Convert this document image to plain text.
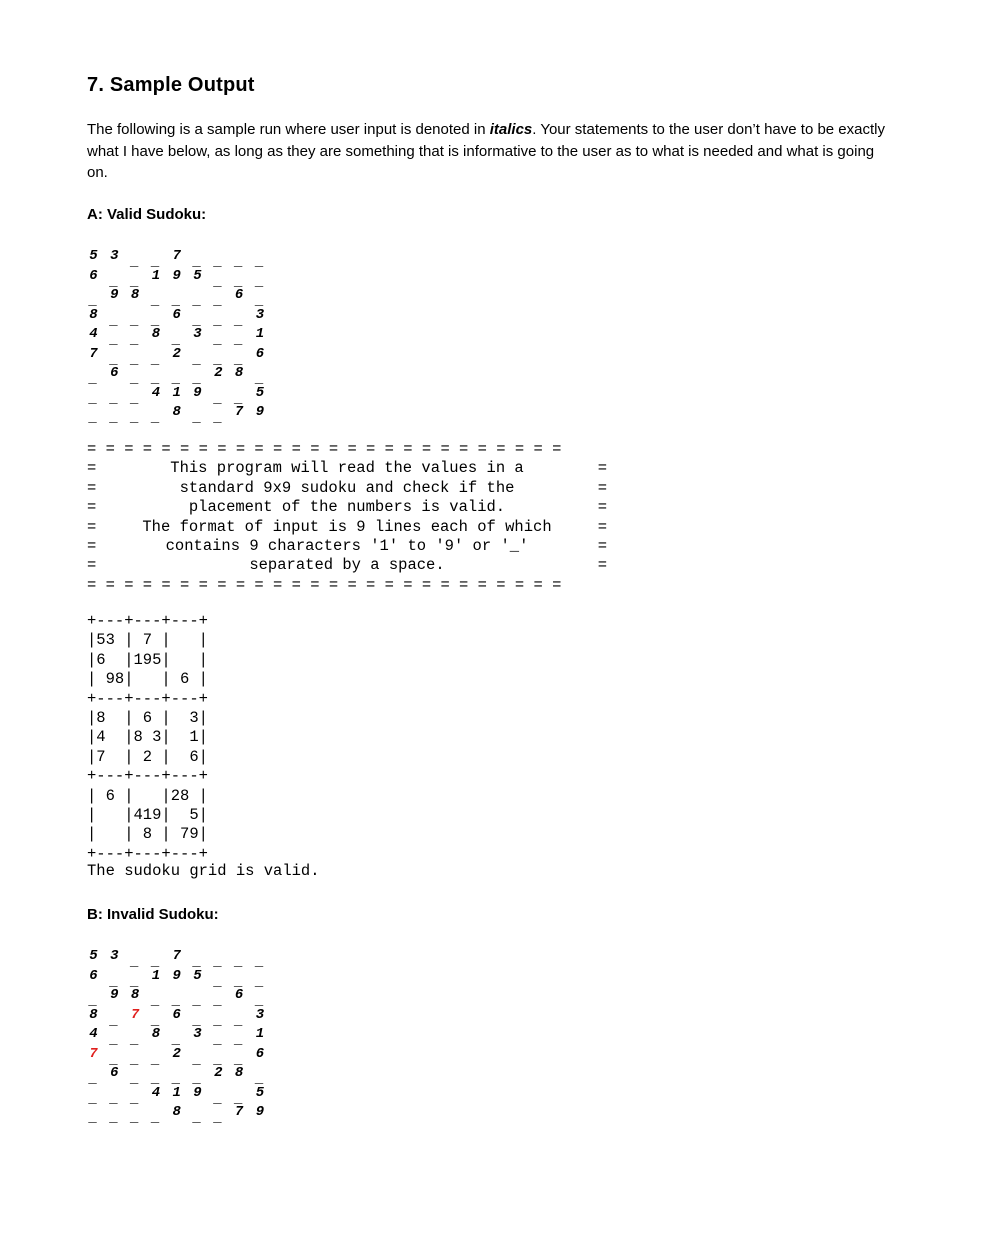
7. Sample Output
The following is a sample run where user input is denoted in italics. Your statements to the user don’t have to be exactly what I have below, as long as they are something that is informative to the user as to what is needed and what is going on.
A: Valid Sudoku:
5 3 _ _ 7 _ _ _ _
6 _ _ 1 9 5 _ _ _
_ 9 8 _ _ _ _ 6 _
8 _ _ _ 6 _ _ _ 3
4 _ _ 8 _ 3 _ _ 1
7 _ _ _ 2 _ _ _ 6
_ 6 _ _ _ _ 2 8 _
_ _ _ 4 1 9 _ _ 5
_ _ _ _ 8 _ _ 7 9
= = = = = = = = = = = = = = = = = = = = = = = = = =
=	This program will read the values in a	=
=	standard 9x9 sudoku and check if the	=
=	placement of the numbers is valid.	=
=	The format of input is 9 lines each of which	=
=	contains 9 characters '1' to '9' or '_'	=
=	separated by a space.	=
= = = = = = = = = = = = = = = = = = = = = = = = = =
+---+---+---+
|53 | 7 |   |
|6  |195|   |
| 98|   | 6 |
+---+---+---+
|8  | 6 |  3|
|4  |8 3|  1|
|7  | 2 |  6|
+---+---+---+
| 6 |   |28 |
|   |419|  5|
|   | 8 | 79|
+---+---+---+
The sudoku grid is valid.
B: Invalid Sudoku:
5 3 _ _ 7 _ _ _ _
6 _ _ 1 9 5 _ _ _
_ 9 8 _ _ _ _ 6 _
8 _ 7 _ 6 _ _ _ 3
4 _ _ 8 _ 3 _ _ 1
7 _ _ _ 2 _ _ _ 6
_ 6 _ _ _ _ 2 8 _
_ _ _ 4 1 9 _ _ 5
_ _ _ _ 8 _ _ 7 9
